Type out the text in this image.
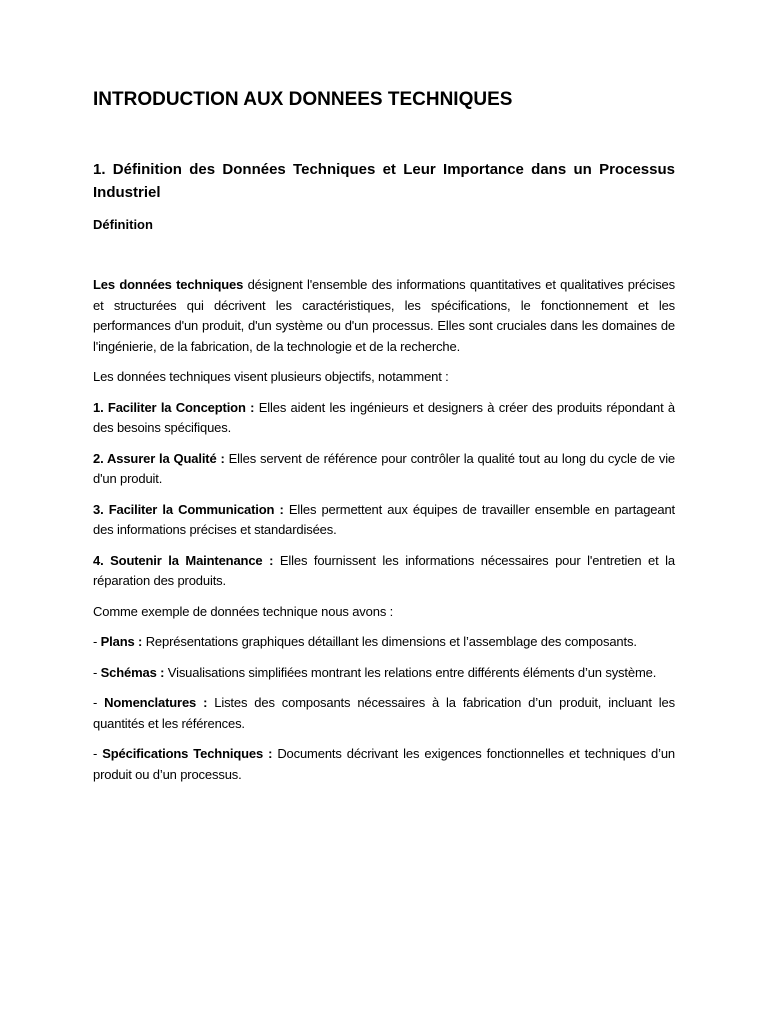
INTRODUCTION AUX DONNEES TECHNIQUES
1. Définition des Données Techniques et Leur Importance dans un Processus Industriel
Définition

Les données techniques désignent l'ensemble des informations quantitatives et qualitatives précises et structurées qui décrivent les caractéristiques, les spécifications, le fonctionnement et les performances d'un produit, d'un système ou d'un processus. Elles sont cruciales dans les domaines de l'ingénierie, de la fabrication, de la technologie et de la recherche.

Les données techniques visent plusieurs objectifs, notamment :

1. Faciliter la Conception : Elles aident les ingénieurs et designers à créer des produits répondant à des besoins spécifiques.

2. Assurer la Qualité : Elles servent de référence pour contrôler la qualité tout au long du cycle de vie d'un produit.

3. Faciliter la Communication : Elles permettent aux équipes de travailler ensemble en partageant des informations précises et standardisées.

4. Soutenir la Maintenance : Elles fournissent les informations nécessaires pour l'entretien et la réparation des produits.

Comme exemple de données technique nous avons :

- Plans : Représentations graphiques détaillant les dimensions et l’assemblage des composants.

- Schémas : Visualisations simplifiées montrant les relations entre différents éléments d’un système.

- Nomenclatures : Listes des composants nécessaires à la fabrication d’un produit, incluant les quantités et les références.

- Spécifications Techniques : Documents décrivant les exigences fonctionnelles et techniques d’un produit ou d’un processus.
